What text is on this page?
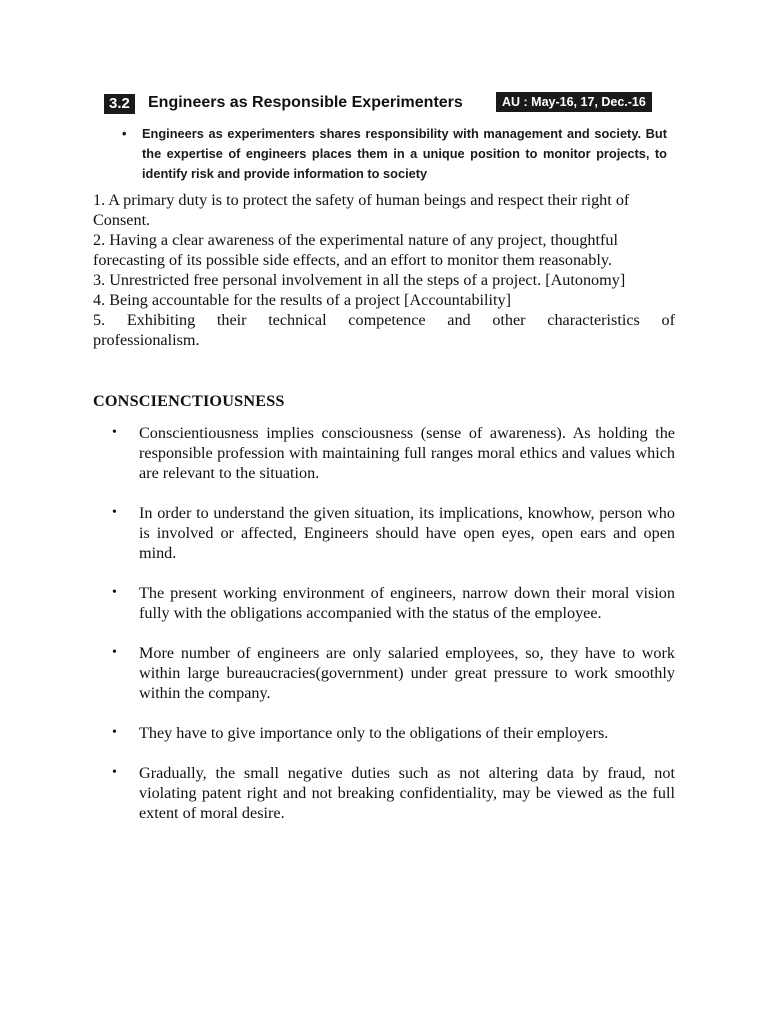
3.2	Engineers as Responsible Experimenters	AU : May-16, 17, Dec.-16
• Engineers as experimenters shares responsibility with management and society. But the expertise of engineers places them in a unique position to monitor projects, to identify risk and provide information to society

1. A primary duty is to protect the safety of human beings and respect their right of Consent.

2. Having a clear awareness of the experimental nature of any project, thoughtful forecasting of its possible side effects, and an effort to monitor them reasonably.

3. Unrestricted free personal involvement in all the steps of a project. [Autonomy]

4. Being accountable for the results of a project [Accountability]

5. Exhibiting their technical competence and other characteristics of

professionalism.

CONSCIENCTIOUSNESS
• Conscientiousness implies consciousness (sense of awareness). As holding the responsible profession with maintaining full ranges moral ethics and values which are relevant to the situation.
• In order to understand the given situation, its implications, knowhow, person who is involved or affected, Engineers should have open eyes, open ears and open mind.
• The present working environment of engineers, narrow down their moral vision fully with the obligations accompanied with the status of the employee.
• More number of engineers are only salaried employees, so, they have to work within large bureaucracies(government) under great pressure to work smoothly within the company.
• They have to give importance only to the obligations of their employers.
• Gradually, the small negative duties such as not altering data by fraud, not violating patent right and not breaking confidentiality, may be viewed as the full extent of moral desire.
